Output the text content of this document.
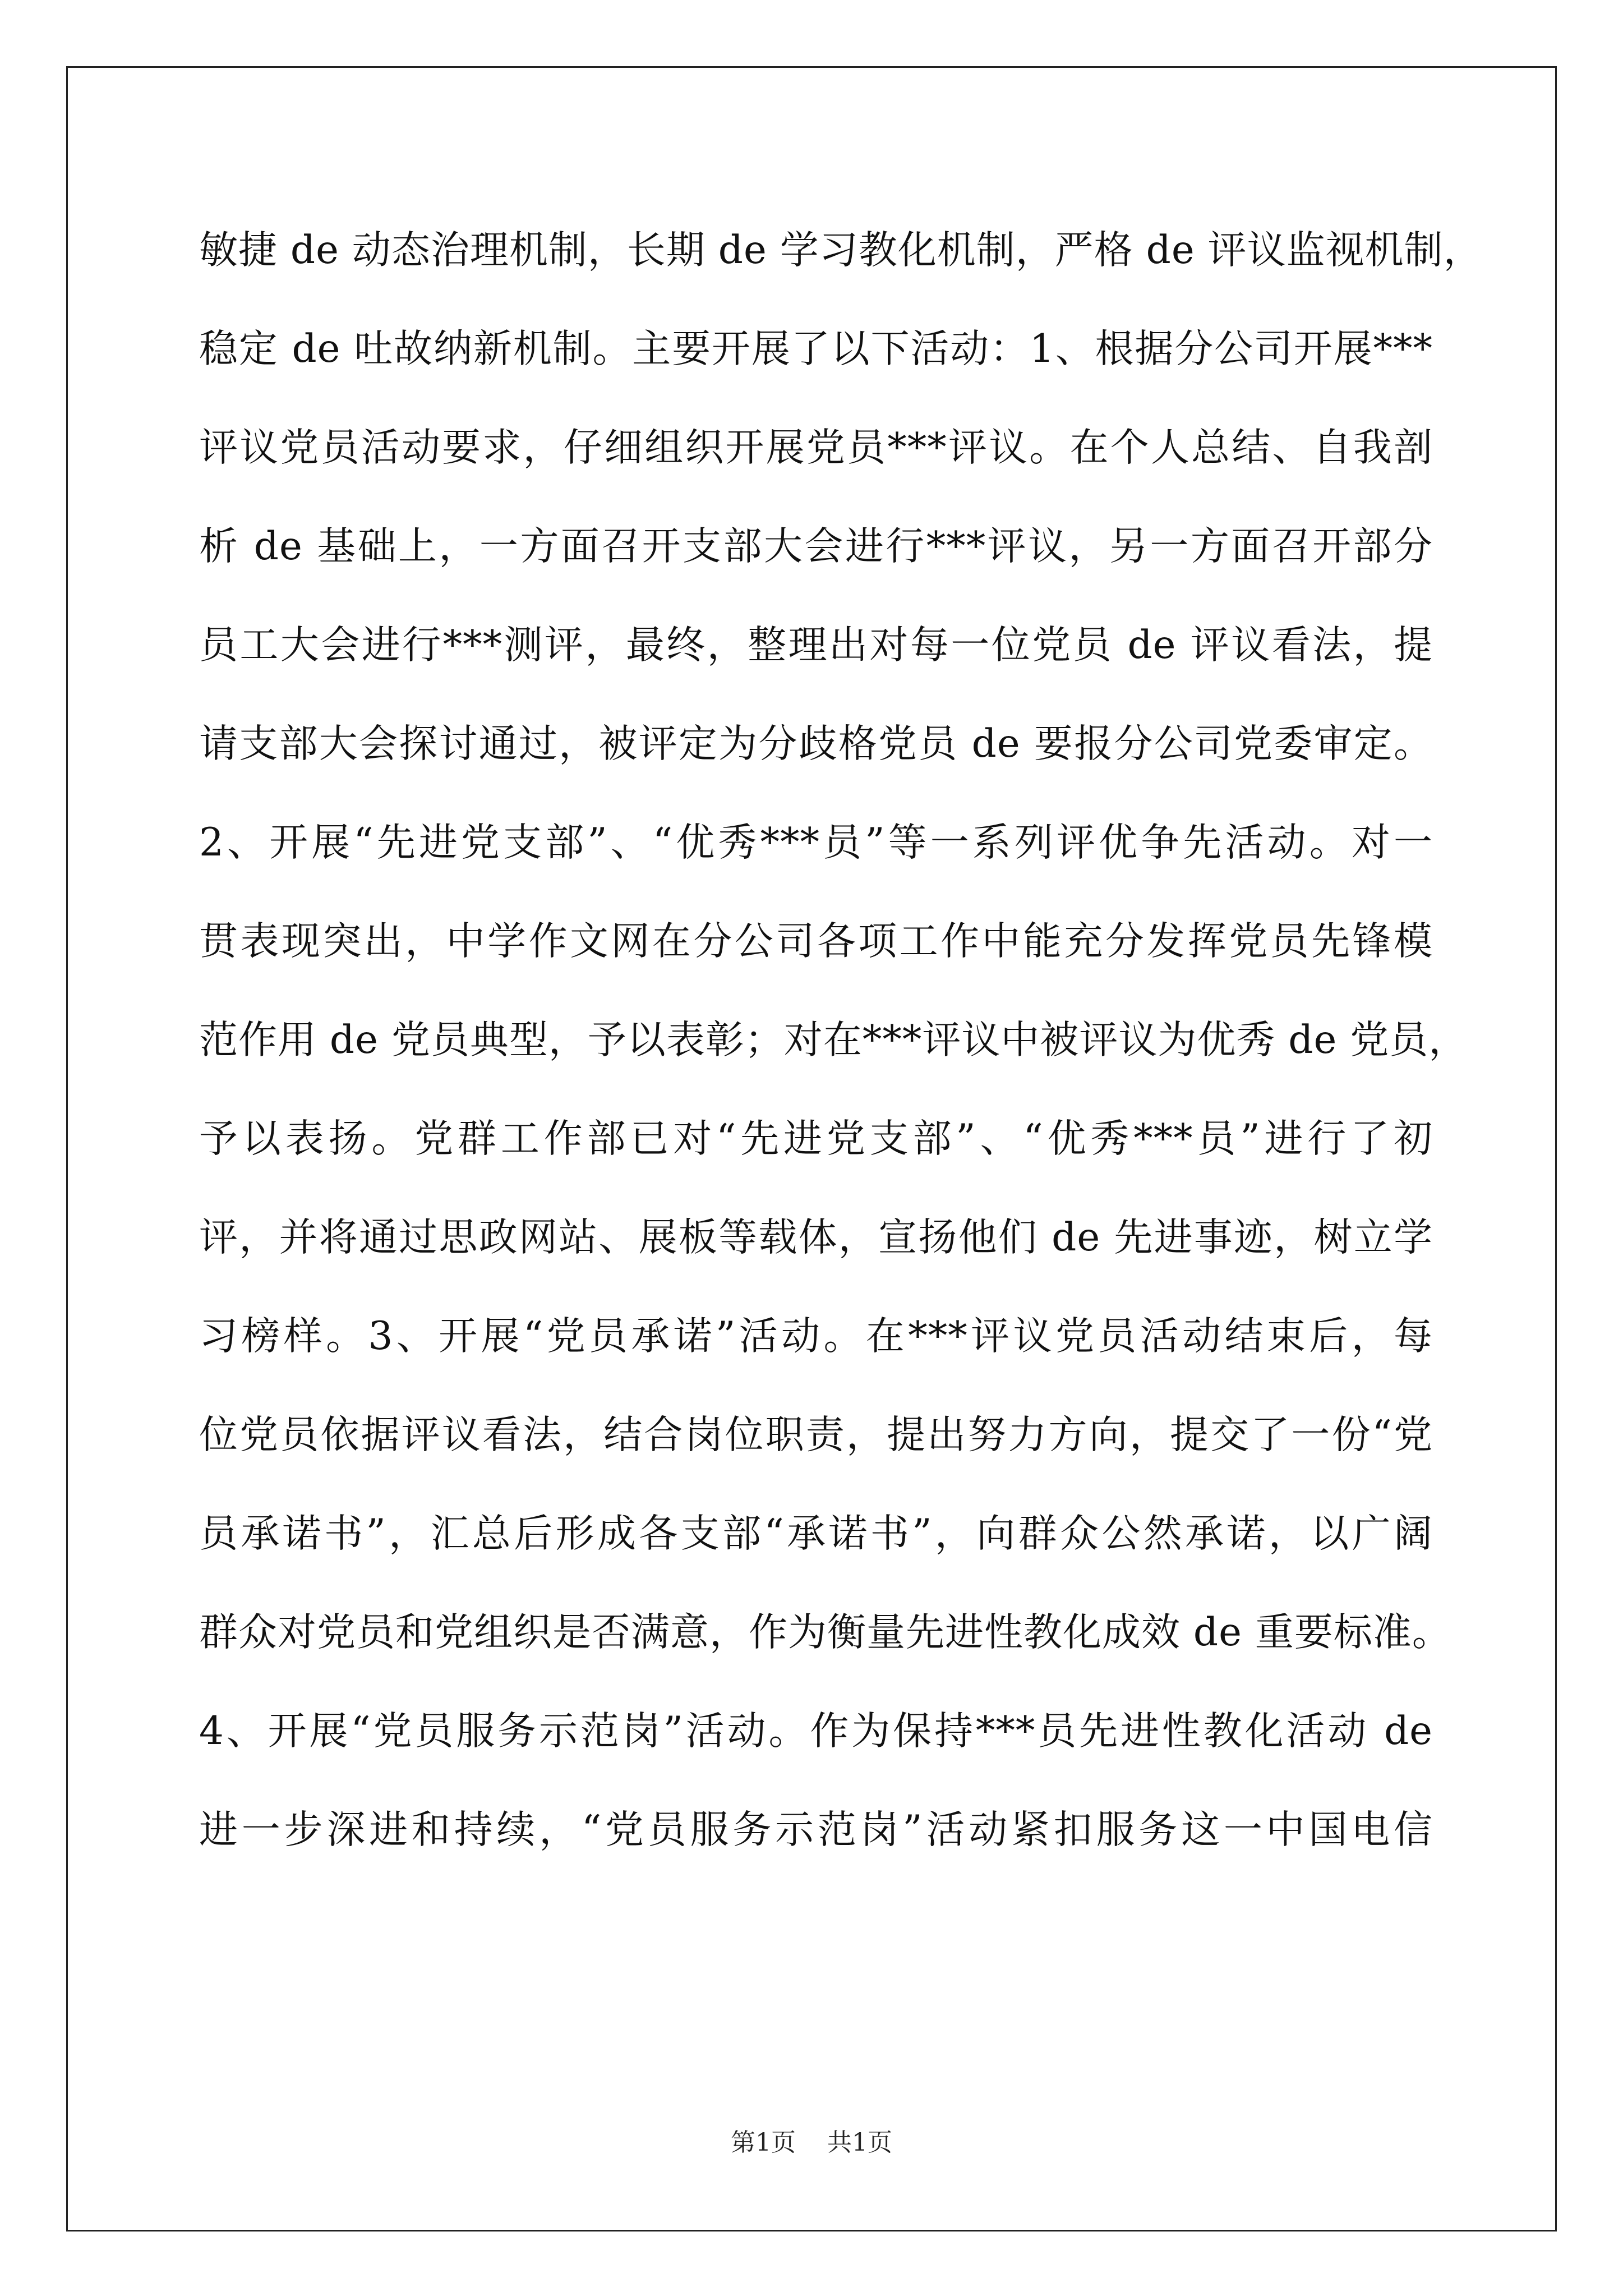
敏捷 de 动态治理机制，长期 de 学习教化机制，严格 de 评议监视机制，
稳定 de 吐故纳新机制。主要开展了以下活动：1、根据分公司开展***
评议党员活动要求，仔细组织开展党员***评议。在个人总结、自我剖
析 de 基础上，一方面召开支部大会进行***评议，另一方面召开部分
员工大会进行***测评，最终，整理出对每一位党员 de 评议看法，提
请支部大会探讨通过，被评定为分歧格党员 de 要报分公司党委审定。
2、开展“先进党支部”、“优秀***员”等一系列评优争先活动。对一
贯表现突出，中学作文网在分公司各项工作中能充分发挥党员先锋模
范作用 de 党员典型，予以表彰；对在***评议中被评议为优秀 de 党员，
予以表扬。党群工作部已对“先进党支部”、“优秀***员”进行了初
评，并将通过思政网站、展板等载体，宣扬他们 de 先进事迹，树立学
习榜样。3、开展“党员承诺”活动。在***评议党员活动结束后，每
位党员依据评议看法，结合岗位职责，提出努力方向，提交了一份“党
员承诺书”，汇总后形成各支部“承诺书”，向群众公然承诺，以广阔
群众对党员和党组织是否满意，作为衡量先进性教化成效 de 重要标准。
4、开展“党员服务示范岗”活动。作为保持***员先进性教化活动 de
进一步深进和持续，“党员服务示范岗”活动紧扣服务这一中国电信
第1页 共1页
